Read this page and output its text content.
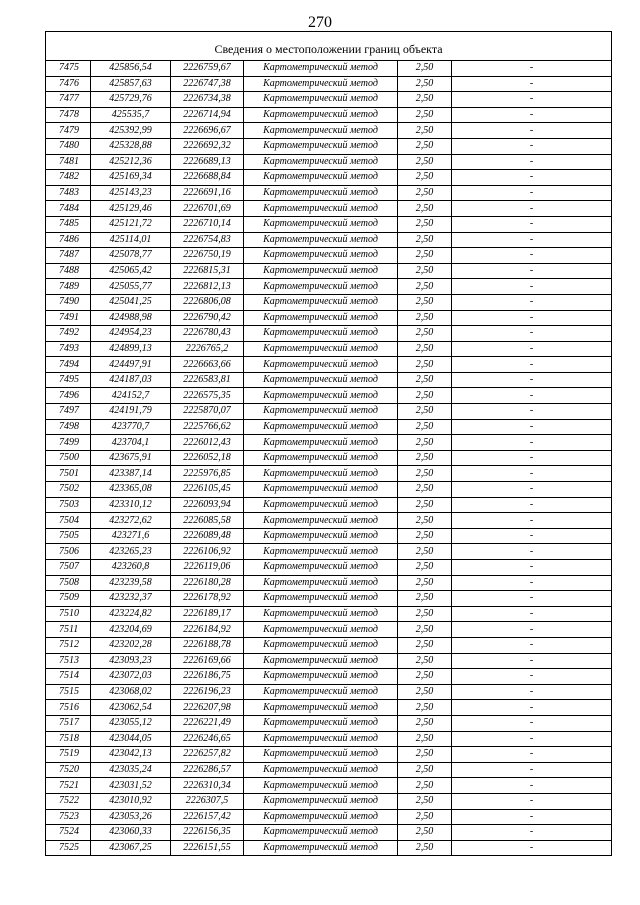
270
Сведения о местоположении границ объекта					
7475	425856,54	2226759,67	Картометрический метод	2,50	-
7476	425857,63	2226747,38	Картометрический метод	2,50	-
7477	425729,76	2226734,38	Картометрический метод	2,50	-
7478	425535,7	2226714,94	Картометрический метод	2,50	-
7479	425392,99	2226696,67	Картометрический метод	2,50	-
7480	425328,88	2226692,32	Картометрический метод	2,50	-
7481	425212,36	2226689,13	Картометрический метод	2,50	-
7482	425169,34	2226688,84	Картометрический метод	2,50	-
7483	425143,23	2226691,16	Картометрический метод	2,50	-
7484	425129,46	2226701,69	Картометрический метод	2,50	-
7485	425121,72	2226710,14	Картометрический метод	2,50	-
7486	425114,01	2226754,83	Картометрический метод	2,50	-
7487	425078,77	2226750,19	Картометрический метод	2,50	-
7488	425065,42	2226815,31	Картометрический метод	2,50	-
7489	425055,77	2226812,13	Картометрический метод	2,50	-
7490	425041,25	2226806,08	Картометрический метод	2,50	-
7491	424988,98	2226790,42	Картометрический метод	2,50	-
7492	424954,23	2226780,43	Картометрический метод	2,50	-
7493	424899,13	2226765,2	Картометрический метод	2,50	-
7494	424497,91	2226663,66	Картометрический метод	2,50	-
7495	424187,03	2226583,81	Картометрический метод	2,50	-
7496	424152,7	2226575,35	Картометрический метод	2,50	-
7497	424191,79	2225870,07	Картометрический метод	2,50	-
7498	423770,7	2225766,62	Картометрический метод	2,50	-
7499	423704,1	2226012,43	Картометрический метод	2,50	-
7500	423675,91	2226052,18	Картометрический метод	2,50	-
7501	423387,14	2225976,85	Картометрический метод	2,50	-
7502	423365,08	2226105,45	Картометрический метод	2,50	-
7503	423310,12	2226093,94	Картометрический метод	2,50	-
7504	423272,62	2226085,58	Картометрический метод	2,50	-
7505	423271,6	2226089,48	Картометрический метод	2,50	-
7506	423265,23	2226106,92	Картометрический метод	2,50	-
7507	423260,8	2226119,06	Картометрический метод	2,50	-
7508	423239,58	2226180,28	Картометрический метод	2,50	-
7509	423232,37	2226178,92	Картометрический метод	2,50	-
7510	423224,82	2226189,17	Картометрический метод	2,50	-
7511	423204,69	2226184,92	Картометрический метод	2,50	-
7512	423202,28	2226188,78	Картометрический метод	2,50	-
7513	423093,23	2226169,66	Картометрический метод	2,50	-
7514	423072,03	2226186,75	Картометрический метод	2,50	-
7515	423068,02	2226196,23	Картометрический метод	2,50	-
7516	423062,54	2226207,98	Картометрический метод	2,50	-
7517	423055,12	2226221,49	Картометрический метод	2,50	-
7518	423044,05	2226246,65	Картометрический метод	2,50	-
7519	423042,13	2226257,82	Картометрический метод	2,50	-
7520	423035,24	2226286,57	Картометрический метод	2,50	-
7521	423031,52	2226310,34	Картометрический метод	2,50	-
7522	423010,92	2226307,5	Картометрический метод	2,50	-
7523	423053,26	2226157,42	Картометрический метод	2,50	-
7524	423060,33	2226156,35	Картометрический метод	2,50	-
7525	423067,25	2226151,55	Картометрический метод	2,50	-
